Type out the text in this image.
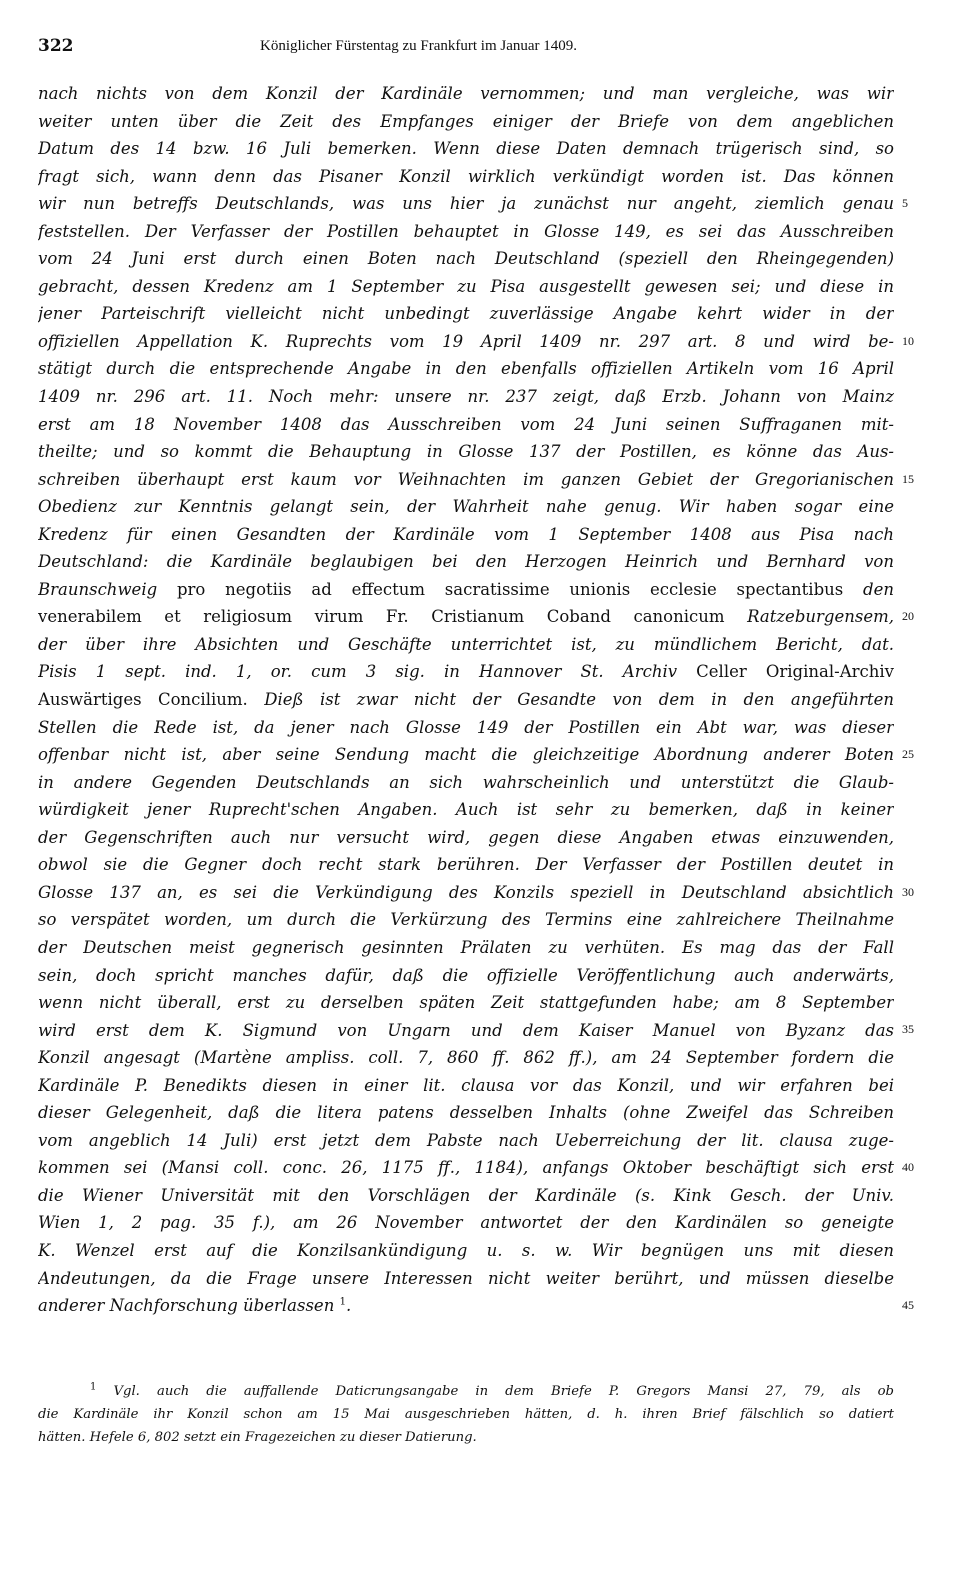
322	Königlicher Fürstentag zu Frankfurt im Januar 1409.
nach nichts von dem Konzil der Kardinäle vernommen; und man vergleiche, was wir
weiter unten über die Zeit des Empfanges einiger der Briefe von dem angeblichen
Datum des 14 bzw. 16 Juli bemerken. Wenn diese Daten demnach trügerisch sind, so
fragt sich, wann denn das Pisaner Konzil wirklich verkündigt worden ist. Das können
wir nun betreffs Deutschlands, was uns hier ja zunächst nur angeht, ziemlich genau
feststellen. Der Verfasser der Postillen behauptet in Glosse 149, es sei das Ausschreiben
vom 24 Juni erst durch einen Boten nach Deutschland (speziell den Rheingegenden)
gebracht, dessen Kredenz am 1 September zu Pisa ausgestellt gewesen sei; und diese in
jener Parteischrift vielleicht nicht unbedingt zuverlässige Angabe kehrt wider in der
offiziellen Appellation K. Ruprechts vom 19 April 1409 nr. 297 art. 8 und wird be-
stätigt durch die entsprechende Angabe in den ebenfalls offiziellen Artikeln vom 16 April
1409 nr. 296 art. 11. Noch mehr: unsere nr. 237 zeigt, daß Erzb. Johann von Mainz
erst am 18 November 1408 das Ausschreiben vom 24 Juni seinen Suffraganen mit-
theilte; und so kommt die Behauptung in Glosse 137 der Postillen, es könne das Aus-
schreiben überhaupt erst kaum vor Weihnachten im ganzen Gebiet der Gregorianischen
Obedienz zur Kenntnis gelangt sein, der Wahrheit nahe genug. Wir haben sogar eine
Kredenz für einen Gesandten der Kardinäle vom 1 September 1408 aus Pisa nach
Deutschland: die Kardinäle beglaubigen bei den Herzogen Heinrich und Bernhard von
Braunschweig pro negotiis ad effectum sacratissime unionis ecclesie spectantibus den
venerabilem et religiosum virum Fr. Cristianum Coband canonicum Ratzeburgensem,
der über ihre Absichten und Geschäfte unterrichtet ist, zu mündlichem Bericht, dat.
Pisis 1 sept. ind. 1, or. cum 3 sig. in Hannover St. Archiv Celler Original-Archiv
Auswärtiges Concilium. Dieß ist zwar nicht der Gesandte von dem in den angeführten
Stellen die Rede ist, da jener nach Glosse 149 der Postillen ein Abt war, was dieser
offenbar nicht ist, aber seine Sendung macht die gleichzeitige Abordnung anderer Boten
in andere Gegenden Deutschlands an sich wahrscheinlich und unterstützt die Glaub-
würdigkeit jener Ruprecht'schen Angaben. Auch ist sehr zu bemerken, daß in keiner
der Gegenschriften auch nur versucht wird, gegen diese Angaben etwas einzuwenden,
obwol sie die Gegner doch recht stark berühren. Der Verfasser der Postillen deutet in
Glosse 137 an, es sei die Verkündigung des Konzils speziell in Deutschland absichtlich
so verspätet worden, um durch die Verkürzung des Termins eine zahlreichere Theilnahme
der Deutschen meist gegnerisch gesinnten Prälaten zu verhüten. Es mag das der Fall
sein, doch spricht manches dafür, daß die offizielle Veröffentlichung auch anderwärts,
wenn nicht überall, erst zu derselben späten Zeit stattgefunden habe; am 8 September
wird erst dem K. Sigmund von Ungarn und dem Kaiser Manuel von Byzanz das
Konzil angesagt (Martène ampliss. coll. 7, 860 ff. 862 ff.), am 24 September fordern die
Kardinäle P. Benedikts diesen in einer lit. clausa vor das Konzil, und wir erfahren bei
dieser Gelegenheit, daß die litera patens desselben Inhalts (ohne Zweifel das Schreiben
vom angeblich 14 Juli) erst jetzt dem Pabste nach Ueberreichung der lit. clausa zuge-
kommen sei (Mansi coll. conc. 26, 1175 ff., 1184), anfangs Oktober beschäftigt sich erst
die Wiener Universität mit den Vorschlägen der Kardinäle (s. Kink Gesch. der Univ.
Wien 1, 2 pag. 35 f.), am 26 November antwortet der den Kardinälen so geneigte
K. Wenzel erst auf die Konzilsankündigung u. s. w. Wir begnügen uns mit diesen
Andeutungen, da die Frage unsere Interessen nicht weiter berührt, und müssen dieselbe
anderer Nachforschung überlassen $^1$.
5
10
15
20
25
30
35
40
45
$^1$ Vgl. auch die auffallende Daticrungsangabe in dem Briefe P. Gregors Mansi 27, 79, als ob
die Kardinäle ihr Konzil schon am 15 Mai ausgeschrieben hätten, d. h. ihren Brief fälschlich so datiert
hätten. Hefele 6, 802 setzt ein Fragezeichen zu dieser Datierung.
